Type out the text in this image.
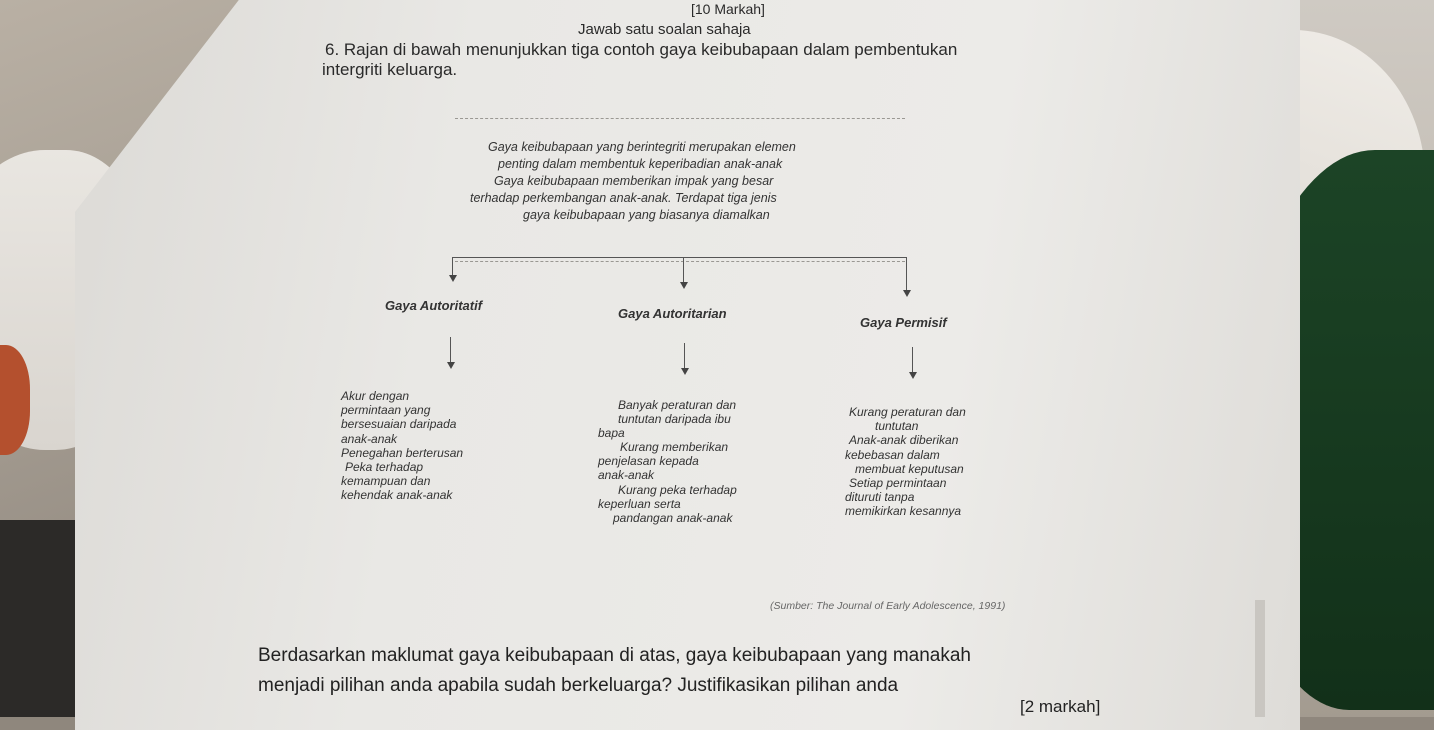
[10 Markah]
Jawab satu soalan sahaja
6. Rajan di bawah menunjukkan tiga contoh gaya keibubapaan dalam pembentukan
intergriti keluarga.
Gaya keibubapaan yang berintegriti merupakan elemen
penting dalam membentuk keperibadian anak-anak
Gaya keibubapaan memberikan impak yang besar
terhadap perkembangan anak-anak. Terdapat tiga jenis
gaya keibubapaan yang biasanya diamalkan
Gaya Autoritatif
Gaya Autoritarian
Gaya Permisif
Akur dengan
permintaan yang
bersesuaian daripada
anak-anak
Penegahan berterusan
Peka terhadap
kemampuan dan
kehendak anak-anak
Banyak peraturan dan
tuntutan daripada ibu
bapa
Kurang memberikan
penjelasan kepada
anak-anak
Kurang peka terhadap
keperluan serta
pandangan anak-anak
Kurang peraturan dan
tuntutan
Anak-anak diberikan
kebebasan dalam
membuat keputusan
Setiap permintaan
dituruti tanpa
memikirkan kesannya
(Sumber: The Journal of Early Adolescence, 1991)
Berdasarkan maklumat gaya keibubapaan di atas, gaya keibubapaan yang manakah
menjadi pilihan anda apabila sudah berkeluarga? Justifikasikan pilihan anda
[2 markah]
